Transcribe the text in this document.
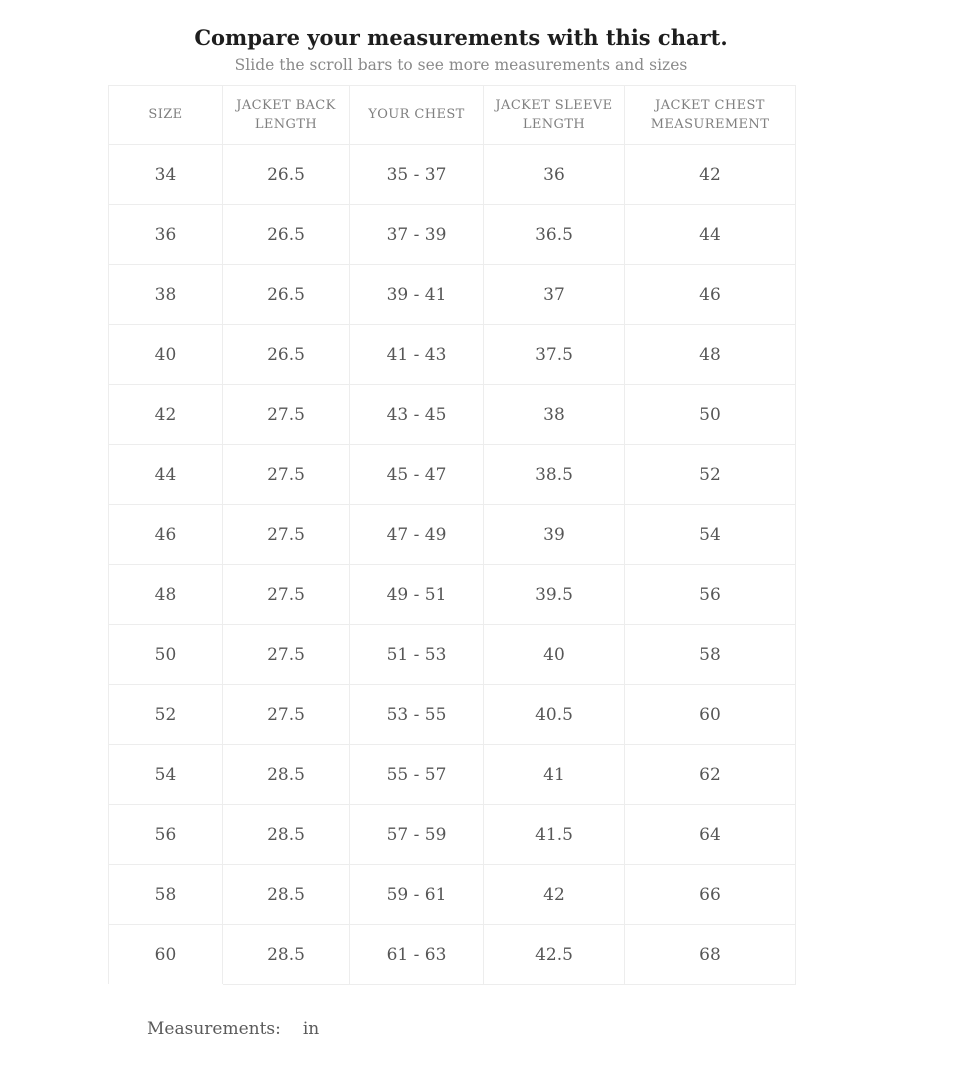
Compare your measurements with this chart.

Slide the scroll bars to see more measurements and sizes

SIZE	JACKET BACK LENGTH	YOUR CHEST	JACKET SLEEVE LENGTH	JACKET CHEST MEASUREMENT
34	26.5	35 - 37	36	42
36	26.5	37 - 39	36.5	44
38	26.5	39 - 41	37	46
40	26.5	41 - 43	37.5	48
42	27.5	43 - 45	38	50
44	27.5	45 - 47	38.5	52
46	27.5	47 - 49	39	54
48	27.5	49 - 51	39.5	56
50	27.5	51 - 53	40	58
52	27.5	53 - 55	40.5	60
54	28.5	55 - 57	41	62
56	28.5	57 - 59	41.5	64
58	28.5	59 - 61	42	66
60	28.5	61 - 63	42.5	68
Measurements: in
